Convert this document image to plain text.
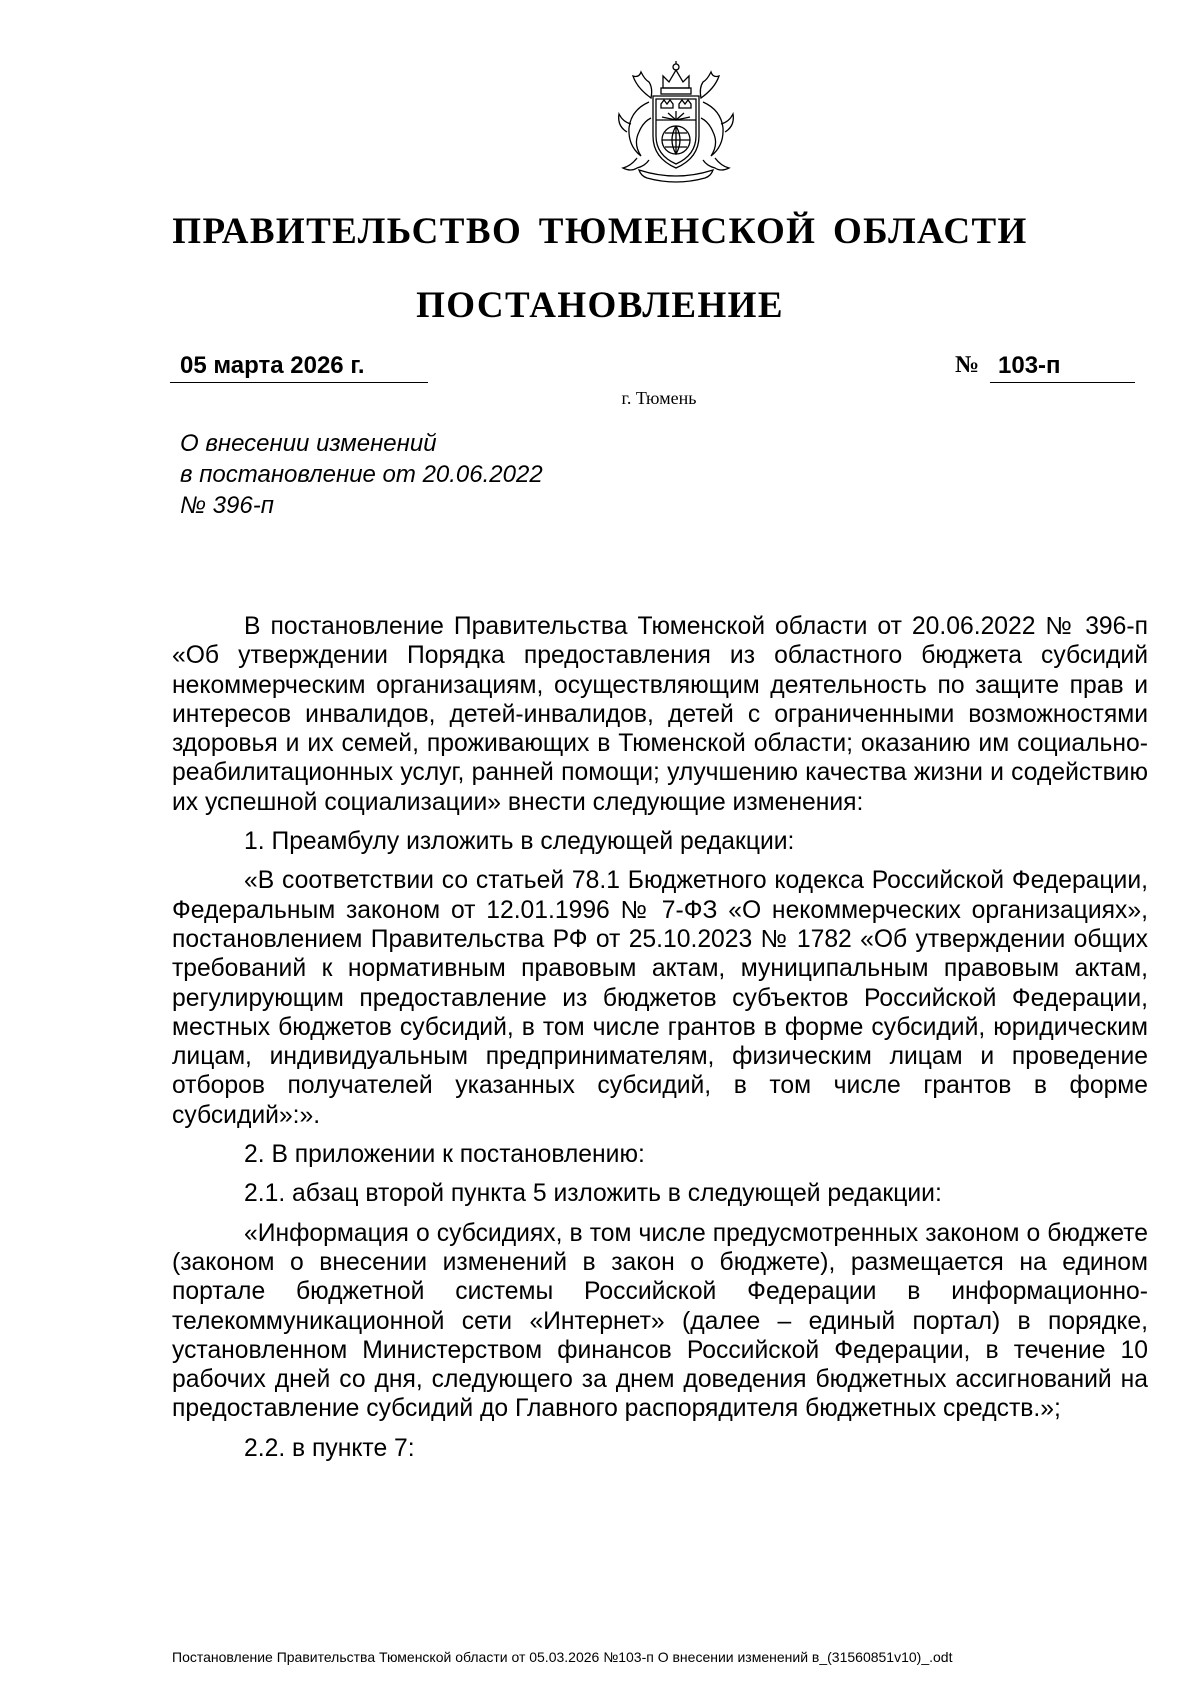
ПРАВИТЕЛЬСТВО ТЮМЕНСКОЙ ОБЛАСТИ
ПОСТАНОВЛЕНИЕ
05 марта 2026 г.	№ 103-п
г. Тюмень
О внесении изменений
в постановление от 20.06.2022
№ 396-п

В постановление Правительства Тюменской области от 20.06.2022 № 396-п «Об утверждении Порядка предоставления из областного бюджета субсидий некоммерческим организациям, осуществляющим деятельность по защите прав и интересов инвалидов, детей-инвалидов, детей с ограниченными возможностями здоровья и их семей, проживающих в Тюменской области; оказанию им социально-реабилитационных услуг, ранней помощи; улучшению качества жизни и содействию их успешной социализации» внести следующие изменения:

1. Преамбулу изложить в следующей редакции:

«В соответствии со статьей 78.1 Бюджетного кодекса Российской Федерации, Федеральным законом от 12.01.1996 № 7-ФЗ «О некоммерческих организациях», постановлением Правительства РФ от 25.10.2023 № 1782 «Об утверждении общих требований к нормативным правовым актам, муниципальным правовым актам, регулирующим предоставление из бюджетов субъектов Российской Федерации, местных бюджетов субсидий, в том числе грантов в форме субсидий, юридическим лицам, индивидуальным предпринимателям, физическим лицам и проведение отборов получателей указанных субсидий, в том числе грантов в форме субсидий»:».

2. В приложении к постановлению:

2.1. абзац второй пункта 5 изложить в следующей редакции:

«Информация о субсидиях, в том числе предусмотренных законом о бюджете (законом о внесении изменений в закон о бюджете), размещается на едином портале бюджетной системы Российской Федерации в информационно-телекоммуникационной сети «Интернет» (далее – единый портал) в порядке, установленном Министерством финансов Российской Федерации, в течение 10 рабочих дней со дня, следующего за днем доведения бюджетных ассигнований на предоставление субсидий до Главного распорядителя бюджетных средств.»;

2.2. в пункте 7:

Постановление Правительства Тюменской области от 05.03.2026 №103-п О внесении изменений в_(31560851v10)_.odt
